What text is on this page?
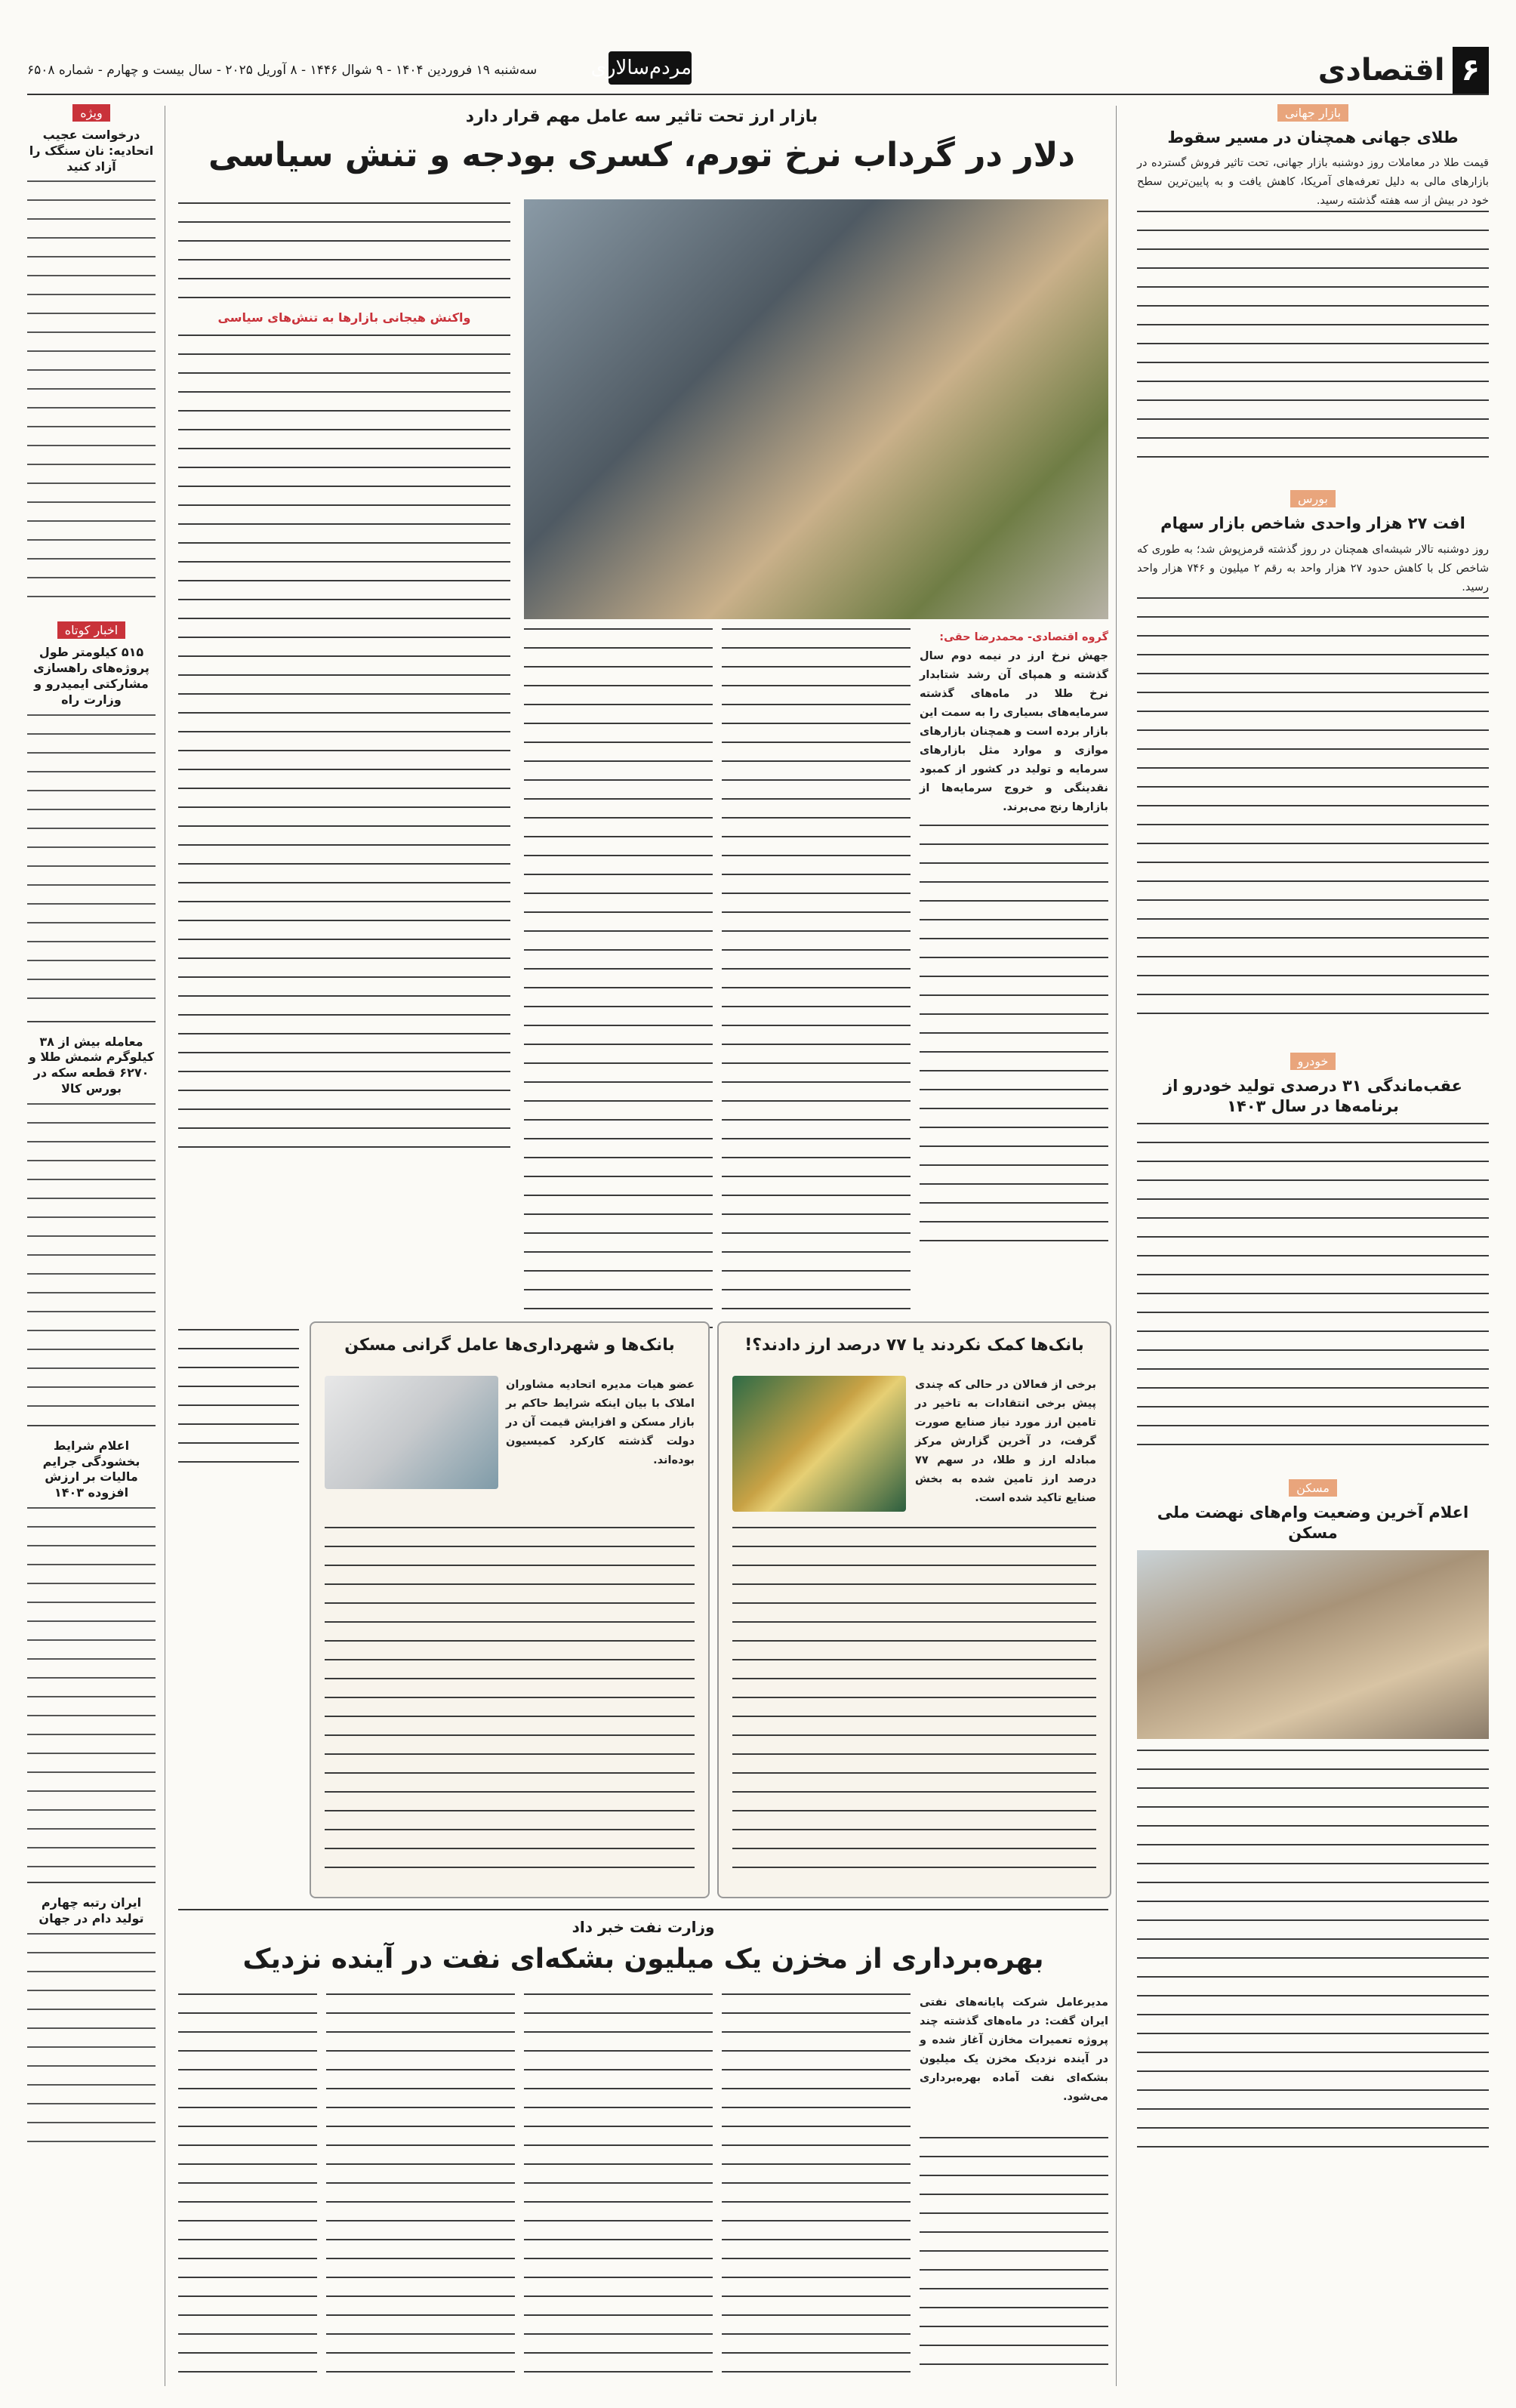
۶اقتصادی
مردم‌سالاری
سه‌شنبه ۱۹ فروردین ۱۴۰۴ - ۹ شوال ۱۴۴۶ - ۸ آوریل ۲۰۲۵ - سال بیست و چهارم - شماره ۶۵۰۸
بازار جهانی
طلای جهانی همچنان در مسیر سقوط
قیمت طلا در معاملات روز دوشنبه بازار جهانی، تحت تاثیر فروش گسترده در بازارهای مالی به دلیل تعرفه‌های آمریکا، کاهش یافت و به پایین‌ترین سطح خود در بیش از سه هفته گذشته رسید.
بورس
افت ۲۷ هزار واحدی شاخص بازار سهام
روز دوشنبه تالار شیشه‌ای همچنان در روز گذشته قرمزپوش شد؛ به طوری که شاخص کل با کاهش حدود ۲۷ هزار واحد به رقم ۲ میلیون و ۷۴۶ هزار واحد رسید.
خودرو
عقب‌ماندگی ۳۱ درصدی تولید خودرو از برنامه‌ها در سال ۱۴۰۳
مسکن
اعلام آخرین وضعیت وام‌های نهضت ملی مسکن
بازار ارز تحت تاثیر سه عامل مهم قرار دارد
دلار در گرداب نرخ تورم، کسری بودجه و تنش سیاسی
واکنش هیجانی بازارها به تنش‌های سیاسی
گروه اقتصادی- محمدرضا حقی:
جهش نرخ ارز در نیمه دوم سال گذشته و همپای آن رشد شتابدار نرخ طلا در ماه‌های گذشته سرمایه‌های بسیاری را به سمت این بازار برده است و همچنان بازارهای موازی و موارد مثل بازارهای سرمایه و تولید در کشور از کمبود نقدینگی و خروج سرمایه‌ها از بازارها رنج می‌برند.
بانک‌ها کمک نکردند یا ۷۷ درصد ارز دادند؟!
برخی از فعالان در حالی که چندی پیش برخی انتقادات به تاخیر در تامین ارز مورد نیاز صنایع صورت گرفت، در آخرین گزارش مرکز مبادله ارز و طلا، در سهم ۷۷ درصد ارز تامین شده به بخش صنایع تاکید شده است.
بانک‌ها و شهرداری‌ها عامل گرانی مسکن
عضو هیات مدیره اتحادیه مشاوران املاک با بیان اینکه شرایط حاکم بر بازار مسکن و افزایش قیمت آن در دولت گذشته کارکرد کمیسیون بوده‌اند.
وزارت نفت خبر داد
بهره‌برداری از مخزن یک میلیون بشکه‌ای نفت در آینده نزدیک
مدیرعامل شرکت پایانه‌های نفتی ایران گفت: در ماه‌های گذشته چند پروژه تعمیرات مخازن آغاز شده و در آینده نزدیک مخزن یک میلیون بشکه‌ای نفت آماده بهره‌برداری می‌شود.
ویژه
درخواست عجیب اتحادیه: نان سنگک را آزاد کنید
اخبار کوتاه
۵۱۵ کیلومتر طول پروژه‌های راهسازی مشارکتی ایمیدرو و وزارت راه
معامله بیش از ۳۸ کیلوگرم شمش طلا و ۶۲۷۰ قطعه سکه در بورس کالا
اعلام شرایط بخشودگی جرایم مالیات بر ارزش افزوده ۱۴۰۳
ایران رتبه چهارم تولید دام در جهان
